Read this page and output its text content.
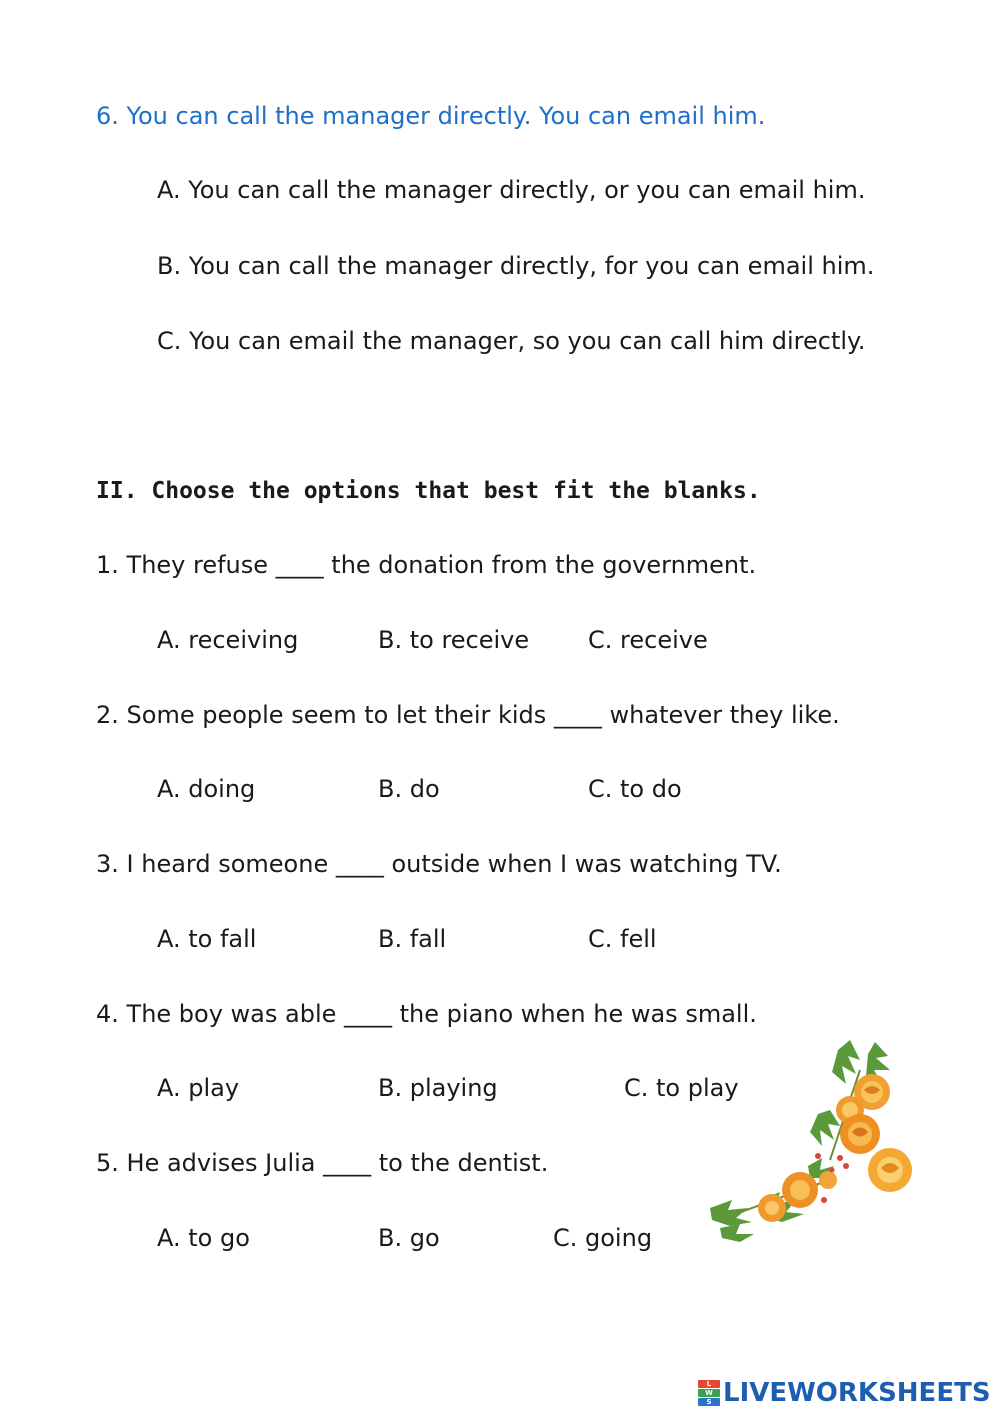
6. You can call the manager directly. You can email him.
A. You can call the manager directly, or you can email him.
B. You can call the manager directly, for you can email him.
C. You can email the manager, so you can call him directly.
II. Choose the options that best fit the blanks.
1. They refuse ____ the donation from the government.
A. receiving	B. to receive C. receive
2. Some people seem to let their kids ____ whatever they like.
A. doing	B. do	C. to do
3. I heard someone ____ outside when I was watching TV.
A. to fall	B. fall	C. fell
4. The boy was able ____ the piano when he was small.
A. play	B. playing	C. to play
5. He advises Julia ____ to the dentist.
A. to go	B. go	C. going
L
W
S LIVEWORKSHEETS
